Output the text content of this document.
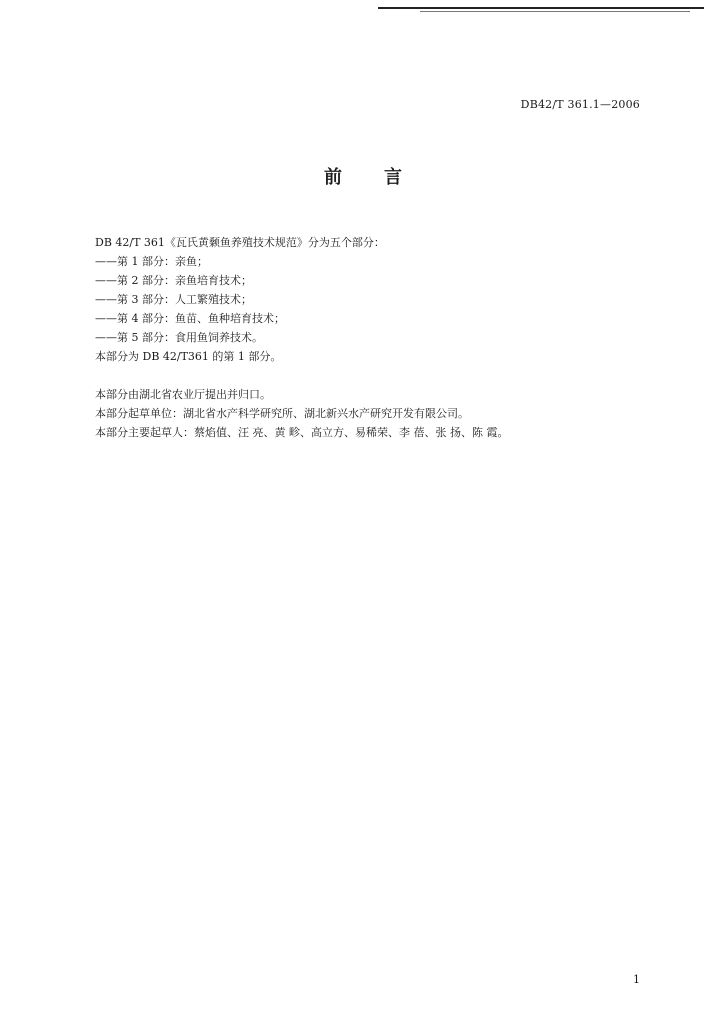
DB42/T 361.1—2006
前 言
DB 42/T 361《瓦氏黄颡鱼养殖技术规范》分为五个部分：
——第 1 部分：亲鱼；
——第 2 部分：亲鱼培育技术；
——第 3 部分：人工繁殖技术；
——第 4 部分：鱼苗、鱼种培育技术；
——第 5 部分：食用鱼饲养技术。
本部分为 DB 42/T361 的第 1 部分。
本部分由湖北省农业厅提出并归口。
本部分起草单位：湖北省水产科学研究所、湖北新兴水产研究开发有限公司。
本部分主要起草人：蔡焰值、汪 亮、黄 畛、高立方、易稀荣、李 蓓、张 扬、陈 霞。
1
